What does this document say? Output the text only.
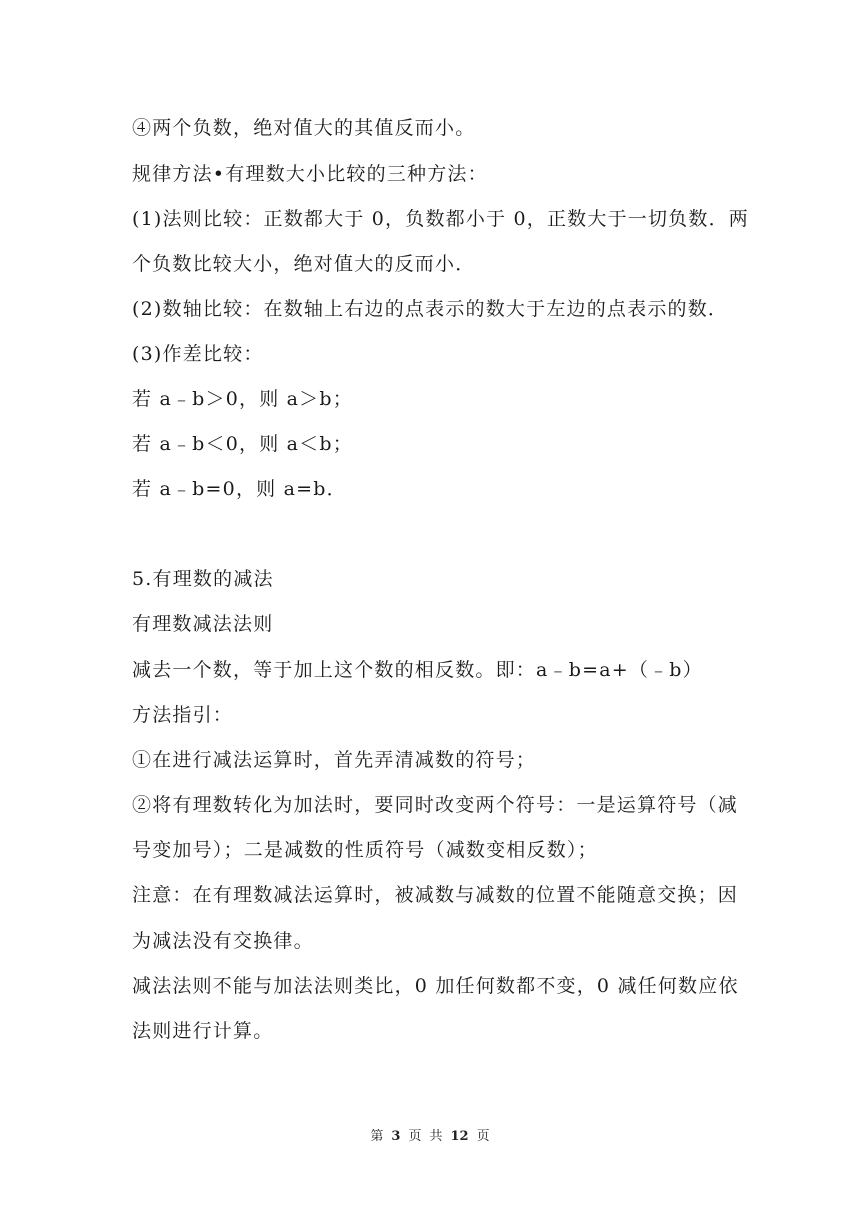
④两个负数，绝对值大的其值反而小。
规律方法•有理数大小比较的三种方法：
(1)法则比较：正数都大于 0，负数都小于 0，正数大于一切负数．两
个负数比较大小，绝对值大的反而小．
(2)数轴比较：在数轴上右边的点表示的数大于左边的点表示的数．
(3)作差比较：
若 a﹣b＞0，则 a＞b；
若 a﹣b＜0，则 a＜b；
若 a﹣b=0，则 a=b．
5.有理数的减法
有理数减法法则
减去一个数，等于加上这个数的相反数。即：a﹣b=a+（﹣b）
方法指引：
①在进行减法运算时，首先弄清减数的符号；
②将有理数转化为加法时，要同时改变两个符号：一是运算符号（减
号变加号）；二是减数的性质符号（减数变相反数）；
注意：在有理数减法运算时，被减数与减数的位置不能随意交换；因
为减法没有交换律。
减法法则不能与加法法则类比，0 加任何数都不变，0 减任何数应依
法则进行计算。
第 3 页 共 12 页
